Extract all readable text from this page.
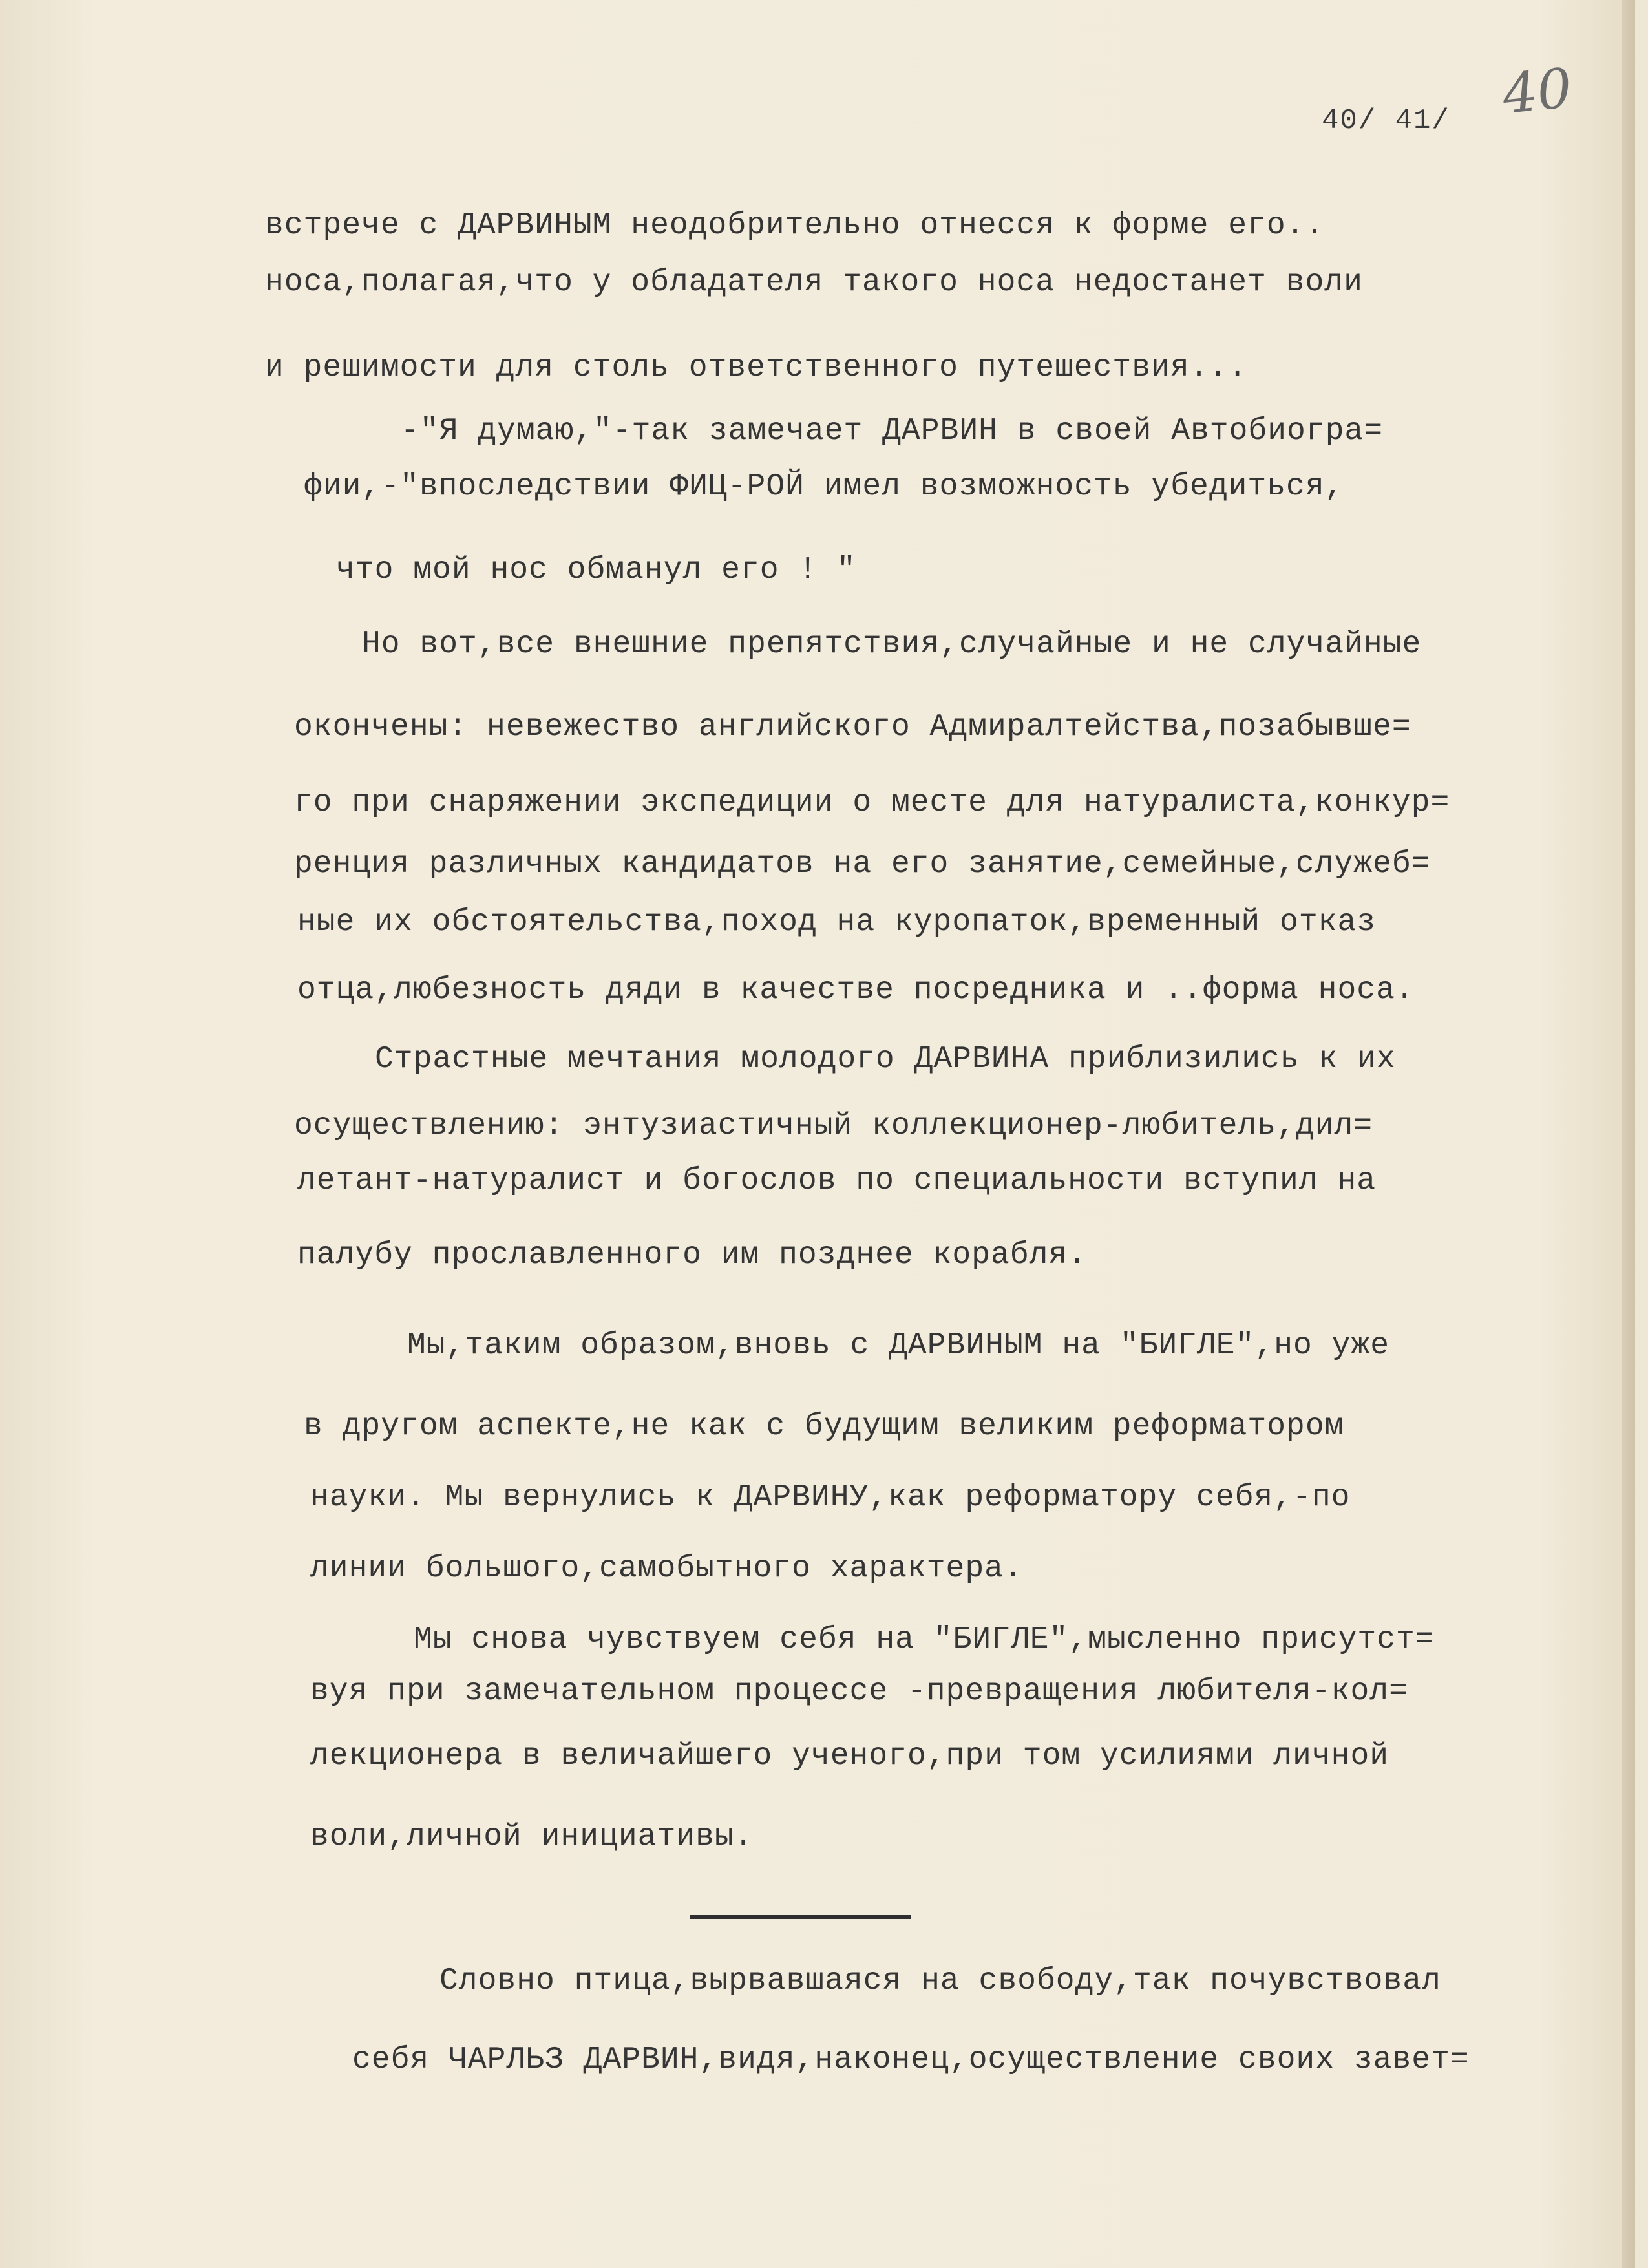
40/ 41/ 40

встрече с ДАРВИНЫМ неодобрительно отнесся к форме его..

носа,полагая,что у обладателя такого носа недостанет воли

и решимости для столь ответственного путешествия...

-"Я думаю,"-так замечает ДАРВИН в своей Автобиогра=

фии,-"впоследствии ФИЦ-РОЙ имел возможность убедиться,

что мой нос обманул его ! "

Но вот,все внешние препятствия,случайные и не случайные

окончены: невежество английского Адмиралтейства,позабывше=

го при снаряжении экспедиции о месте для натуралиста,конкур=

ренция различных кандидатов на его занятие,семейные,служеб=

ные их обстоятельства,поход на куропаток,временный отказ

отца,любезность дяди в качестве посредника и ..форма носа.

Страстные мечтания молодого ДАРВИНА приблизились к их

осуществлению: энтузиастичный коллекционер-любитель,дил=

летант-натуралист и богослов по специальности вступил на

палубу прославленного им позднее корабля.

Мы,таким образом,вновь с ДАРВИНЫМ на "БИГЛЕ",но уже

в другом аспекте,не как с будущим великим реформатором

науки. Мы вернулись к ДАРВИНУ,как реформатору себя,-по

линии большого,самобытного характера.

Мы снова чувствуем себя на "БИГЛЕ",мысленно присутст=

вуя при замечательном процессе -превращения любителя-кол=

лекционера в величайшего ученого,при том усилиями личной

воли,личной инициативы.

Словно птица,вырвавшаяся на свободу,так почувствовал

себя ЧАРЛЬЗ ДАРВИН,видя,наконец,осуществление своих завет=
